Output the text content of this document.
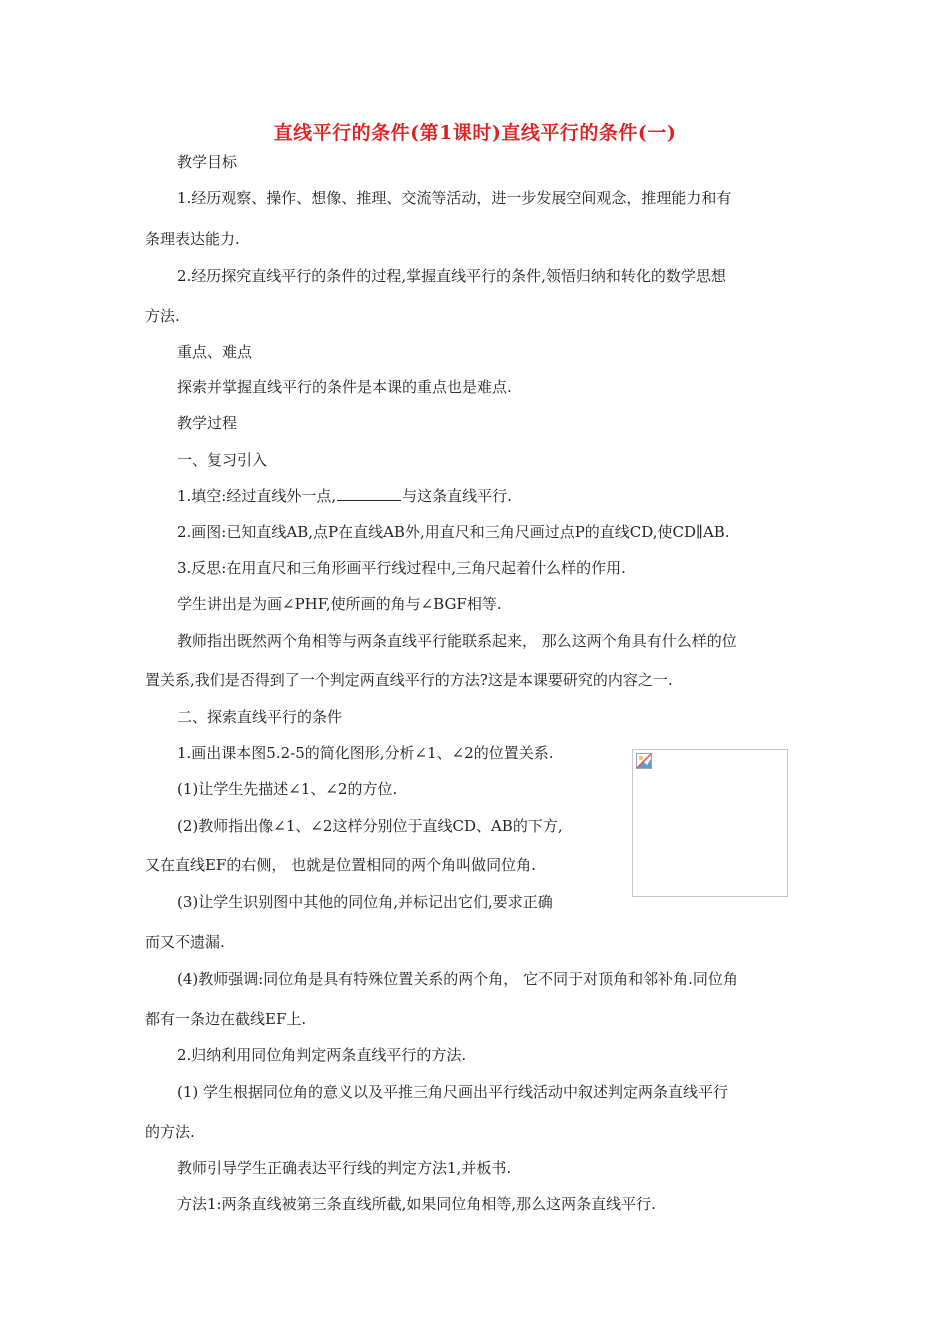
直线平行的条件(第1课时)直线平行的条件(一)
教学目标
1.经历观察、操作、想像、推理、交流等活动，进一步发展空间观念，推理能力和有
条理表达能力.
2.经历探究直线平行的条件的过程,掌握直线平行的条件,领悟归纳和转化的数学思想
方法.
重点、难点
探索并掌握直线平行的条件是本课的重点也是难点.
教学过程
一、复习引入
1.填空:经过直线外一点,	与这条直线平行.
2.画图:已知直线AB,点P在直线AB外,用直尺和三角尺画过点P的直线CD,使CD∥AB.
3.反思:在用直尺和三角形画平行线过程中,三角尺起着什么样的作用.
学生讲出是为画∠PHF,使所画的角与∠BGF相等.
教师指出既然两个角相等与两条直线平行能联系起来， 那么这两个角具有什么样的位
置关系,我们是否得到了一个判定两直线平行的方法?这是本课要研究的内容之一.
二、探索直线平行的条件
1.画出课本图5.2-5的简化图形,分析∠1、∠2的位置关系.
(1)让学生先描述∠1、∠2的方位.
(2)教师指出像∠1、∠2这样分别位于直线CD、AB的下方,
又在直线EF的右侧， 也就是位置相同的两个角叫做同位角.
(3)让学生识别图中其他的同位角,并标记出它们,要求正确
而又不遗漏.
(4)教师强调:同位角是具有特殊位置关系的两个角， 它不同于对顶角和邻补角.同位角
都有一条边在截线EF上.
2.归纳利用同位角判定两条直线平行的方法.
(1) 学生根据同位角的意义以及平推三角尺画出平行线活动中叙述判定两条直线平行
的方法.
教师引导学生正确表达平行线的判定方法1,并板书.
方法1:两条直线被第三条直线所截,如果同位角相等,那么这两条直线平行.
